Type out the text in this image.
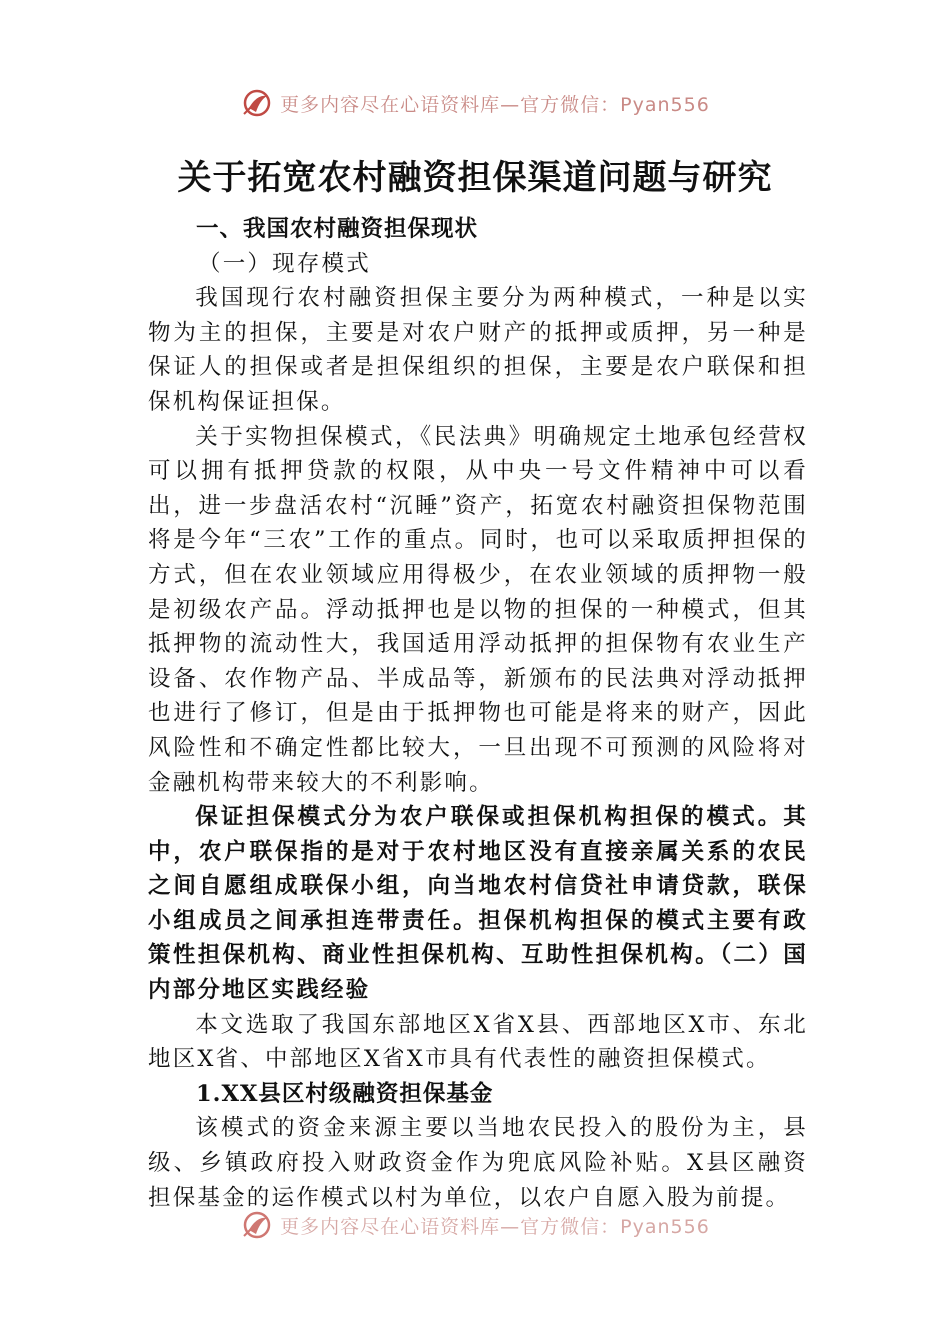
更多内容尽在心语资料库—官方微信：Pyan556
关于拓宽农村融资担保渠道问题与研究

一、我国农村融资担保现状

（一）现存模式

我国现行农村融资担保主要分为两种模式，一种是以实物为主的担保，主要是对农户财产的抵押或质押，另一种是保证人的担保或者是担保组织的担保，主要是农户联保和担保机构保证担保。

关于实物担保模式，《民法典》明确规定土地承包经营权可以拥有抵押贷款的权限，从中央一号文件精神中可以看出，进一步盘活农村“沉睡”资产，拓宽农村融资担保物范围将是今年“三农”工作的重点。同时，也可以采取质押担保的方式，但在农业领域应用得极少，在农业领域的质押物一般是初级农产品。浮动抵押也是以物的担保的一种模式，但其抵押物的流动性大，我国适用浮动抵押的担保物有农业生产设备、农作物产品、半成品等，新颁布的民法典对浮动抵押也进行了修订，但是由于抵押物也可能是将来的财产，因此风险性和不确定性都比较大，一旦出现不可预测的风险将对金融机构带来较大的不利影响。

保证担保模式分为农户联保或担保机构担保的模式。其中，农户联保指的是对于农村地区没有直接亲属关系的农民之间自愿组成联保小组，向当地农村信贷社申请贷款，联保小组成员之间承担连带责任。担保机构担保的模式主要有政策性担保机构、商业性担保机构、互助性担保机构。（二）国内部分地区实践经验

本文选取了我国东部地区X省X县、西部地区X市、东北地区X省、中部地区X省X市具有代表性的融资担保模式。

1.XX县区村级融资担保基金

该模式的资金来源主要以当地农民投入的股份为主，县级、乡镇政府投入财政资金作为兜底风险补贴。X县区融资担保基金的运作模式以村为单位，以农户自愿入股为前提。

更多内容尽在心语资料库—官方微信：Pyan556
